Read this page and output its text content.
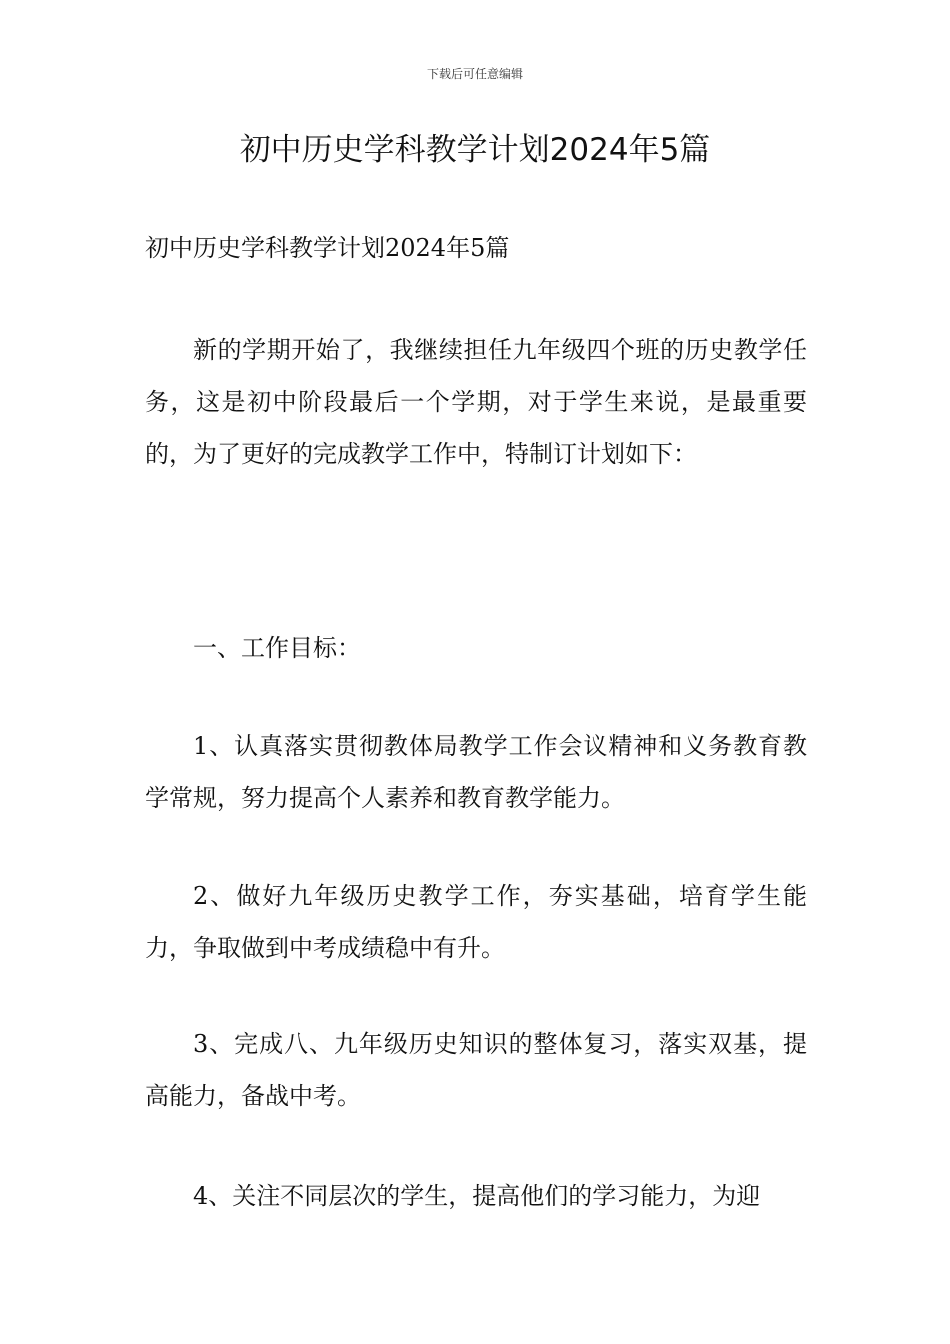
下载后可任意编辑
初中历史学科教学计划2024年5篇

初中历史学科教学计划2024年5篇

新的学期开始了，我继续担任九年级四个班的历史教学任务，这是初中阶段最后一个学期，对于学生来说，是最重要的，为了更好的完成教学工作中，特制订计划如下：

一、工作目标：

1、认真落实贯彻教体局教学工作会议精神和义务教育教学常规，努力提高个人素养和教育教学能力。

2、做好九年级历史教学工作，夯实基础，培育学生能力，争取做到中考成绩稳中有升。

3、完成八、九年级历史知识的整体复习，落实双基，提高能力，备战中考。

4、关注不同层次的学生，提高他们的学习能力，为迎
